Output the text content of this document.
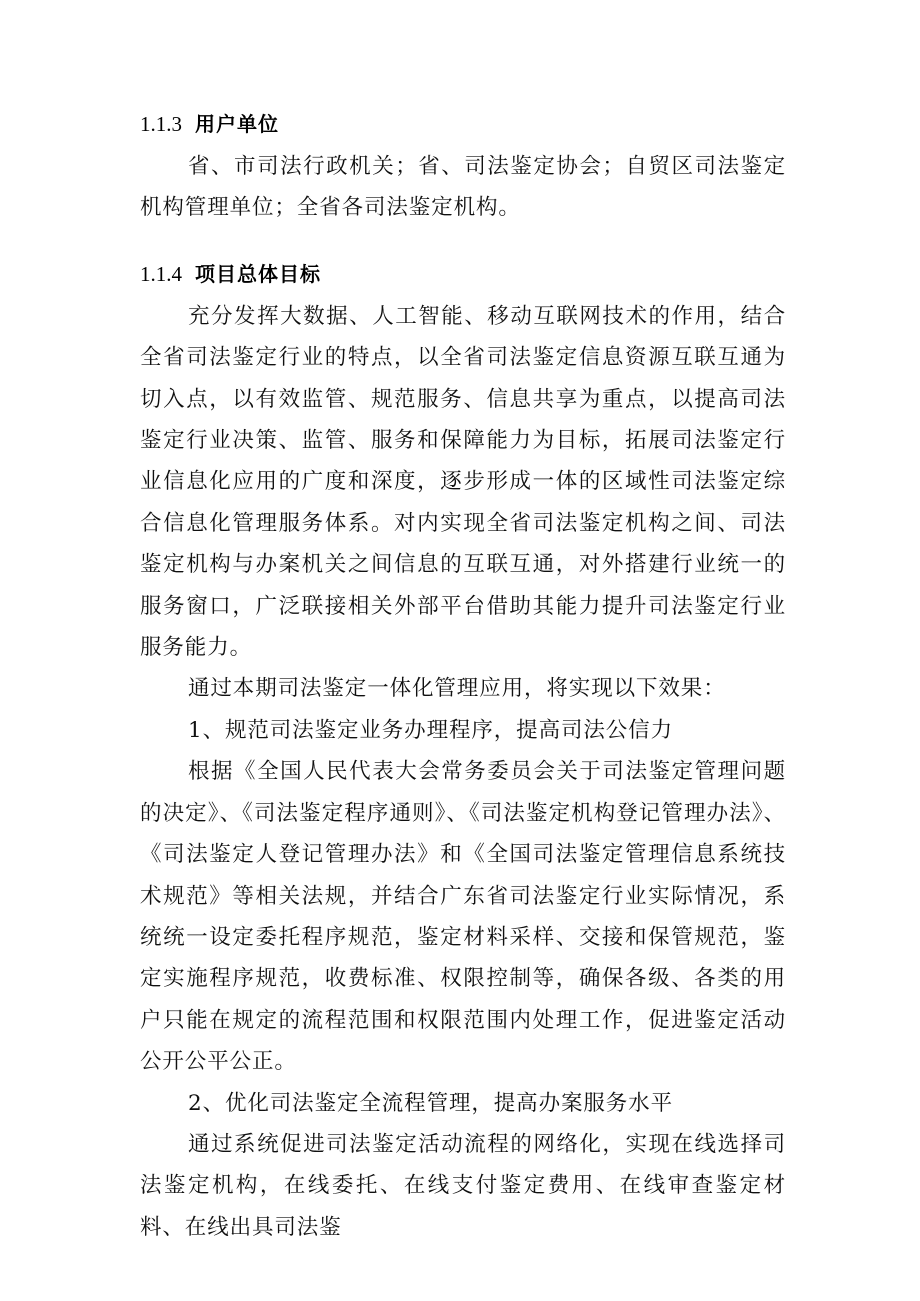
1.1.3 用户单位

省、市司法行政机关；省、司法鉴定协会；自贸区司法鉴定机构管理单位；全省各司法鉴定机构。

1.1.4 项目总体目标

充分发挥大数据、人工智能、移动互联网技术的作用，结合全省司法鉴定行业的特点，以全省司法鉴定信息资源互联互通为切入点，以有效监管、规范服务、信息共享为重点，以提高司法鉴定行业决策、监管、服务和保障能力为目标，拓展司法鉴定行业信息化应用的广度和深度，逐步形成一体的区域性司法鉴定综合信息化管理服务体系。对内实现全省司法鉴定机构之间、司法鉴定机构与办案机关之间信息的互联互通，对外搭建行业统一的服务窗口，广泛联接相关外部平台借助其能力提升司法鉴定行业服务能力。

通过本期司法鉴定一体化管理应用，将实现以下效果：

1、规范司法鉴定业务办理程序，提高司法公信力

根据《全国人民代表大会常务委员会关于司法鉴定管理问题的决定》、《司法鉴定程序通则》、《司法鉴定机构登记管理办法》、《司法鉴定人登记管理办法》和《全国司法鉴定管理信息系统技术规范》等相关法规，并结合广东省司法鉴定行业实际情况，系统统一设定委托程序规范，鉴定材料采样、交接和保管规范，鉴定实施程序规范，收费标准、权限控制等，确保各级、各类的用户只能在规定的流程范围和权限范围内处理工作，促进鉴定活动公开公平公正。

2、优化司法鉴定全流程管理，提高办案服务水平

通过系统促进司法鉴定活动流程的网络化，实现在线选择司法鉴定机构，在线委托、在线支付鉴定费用、在线审查鉴定材料、在线出具司法鉴
